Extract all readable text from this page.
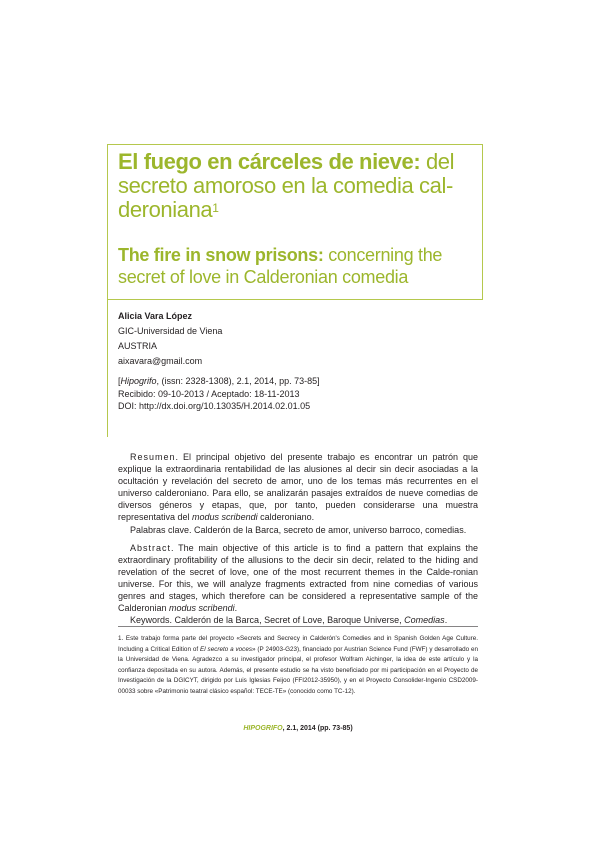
El fuego en cárceles de nieve: del secreto amoroso en la comedia cal-deroniana$^1$
The fire in snow prisons: concerning the secret of love in Calderonian comedia
Alicia Vara López
GIC-Universidad de Viena
AUSTRIA
aixavara@gmail.com
[Hipogrifo, (issn: 2328-1308), 2.1, 2014, pp. 73-85]
Recibido: 09-10-2013 / Aceptado: 18-11-2013
DOI: http://dx.doi.org/10.13035/H.2014.02.01.05

Resumen. El principal objetivo del presente trabajo es encontrar un patrón que explique la extraordinaria rentabilidad de las alusiones al decir sin decir asociadas a la ocultación y revelación del secreto de amor, uno de los temas más recurrentes en el universo calderoniano. Para ello, se analizarán pasajes extraídos de nueve comedias de diversos géneros y etapas, que, por tanto, pueden considerarse una muestra representativa del modus scribendi calderoniano.

Palabras clave. Calderón de la Barca, secreto de amor, universo barroco, comedias.

Abstract. The main objective of this article is to find a pattern that explains the extraordinary profitability of the allusions to the decir sin decir, related to the hiding and revelation of the secret of love, one of the most recurrent themes in the Calde-ronian universe. For this, we will analyze fragments extracted from nine comedias of various genres and stages, which therefore can be considered a representative sample of the Calderonian modus scribendi.

Keywords. Calderón de la Barca, Secret of Love, Baroque Universe, Comedias.

1. Este trabajo forma parte del proyecto «Secrets and Secrecy in Calderón's Comedies and in Spanish Golden Age Culture. Including a Critical Edition of El secreto a voces» (P 24903-G23), financiado por Austrian Science Fund (FWF) y desarrollado en la Universidad de Viena. Agradezco a su investigador principal, el profesor Wolfram Aichinger, la idea de este artículo y la confianza depositada en su autora. Además, el presente estudio se ha visto beneficiado por mi participación en el Proyecto de Investigación de la DGICYT, dirigido por Luis Iglesias Feijoo (FFI2012-35950), y en el Proyecto Consolider-Ingenio CSD2009-00033 sobre «Patrimonio teatral clásico español: TECE-TE» (conocido como TC-12).
HIPOGRIFO, 2.1, 2014 (pp. 73-85)
